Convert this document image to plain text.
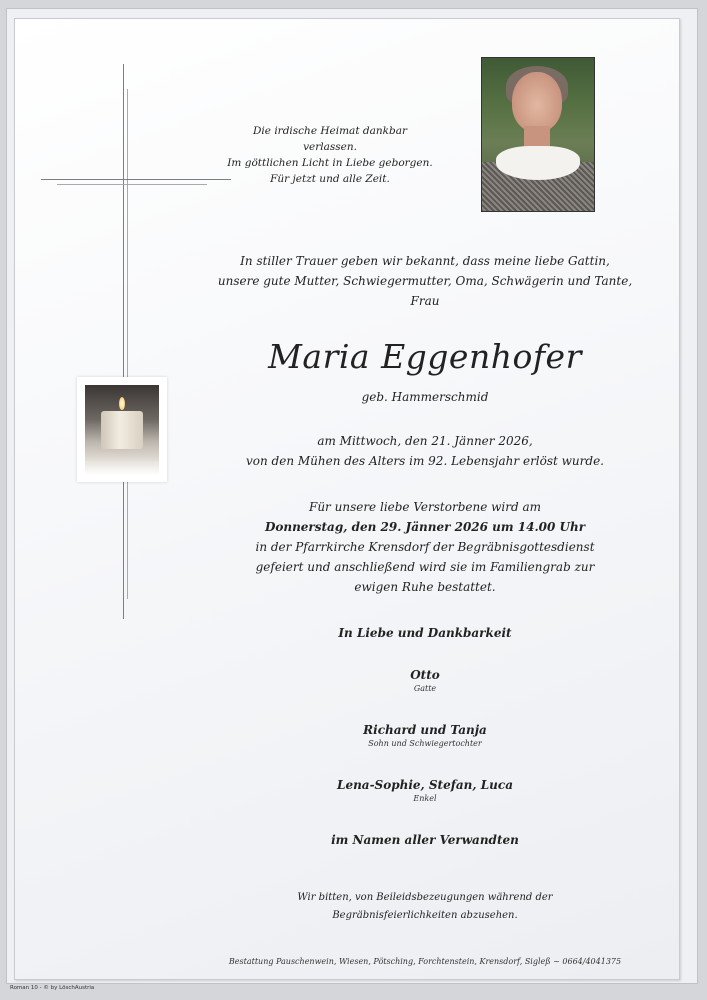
Die irdische Heimat dankbar verlassen.
Im göttlichen Licht in Liebe geborgen.
Für jetzt und alle Zeit.
In stiller Trauer geben wir bekannt, dass meine liebe Gattin,
unsere gute Mutter, Schwiegermutter, Oma, Schwägerin und Tante,
Frau
Maria Eggenhofer
geb. Hammerschmid
am Mittwoch, den 21. Jänner 2026,
von den Mühen des Alters im 92. Lebensjahr erlöst wurde.
Für unsere liebe Verstorbene wird am
Donnerstag, den 29. Jänner 2026 um 14.00 Uhr
in der Pfarrkirche Krensdorf der Begräbnisgottesdienst
gefeiert und anschließend wird sie im Familiengrab zur
ewigen Ruhe bestattet.
In Liebe und Dankbarkeit
Otto
Gatte
Richard und Tanja
Sohn und Schwiegertochter
Lena-Sophie, Stefan, Luca
Enkel
im Namen aller Verwandten
Wir bitten, von Beileidsbezeugungen während der
Begräbnisfeierlichkeiten abzusehen.
Bestattung Pauschenwein, Wiesen, Pötsching, Forchtenstein, Krensdorf, Sigleß ~ 0664/4041375
Roman 10 - © by LöschAustria
